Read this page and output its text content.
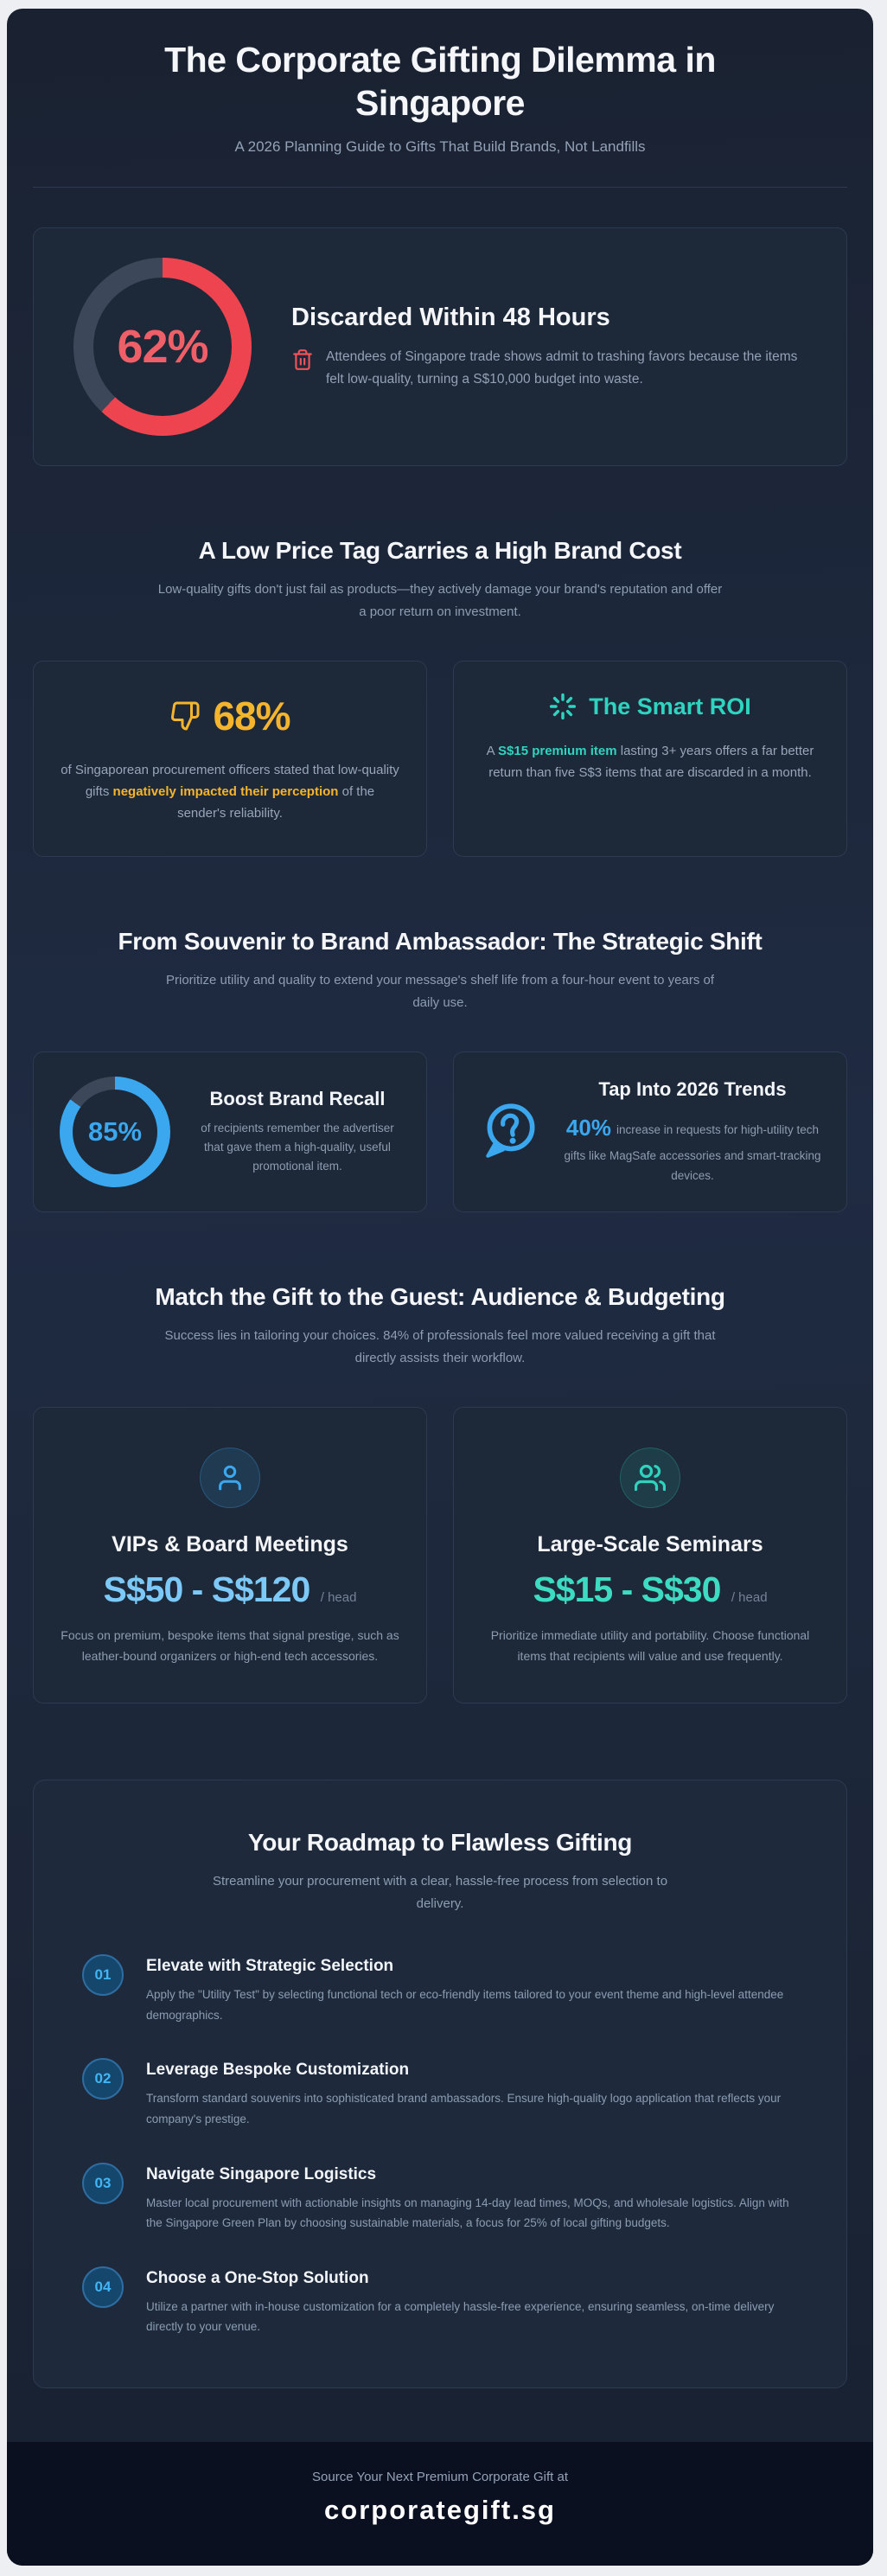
The Corporate Gifting Dilemma in Singapore

A 2026 Planning Guide to Gifts That Build Brands, Not Landfills

62%
Discarded Within 48 Hours

Attendees of Singapore trade shows admit to trashing favors because the items felt low-quality, turning a S$10,000 budget into waste.

A Low Price Tag Carries a High Brand Cost

Low-quality gifts don't just fail as products—they actively damage your brand's reputation and offer a poor return on investment.

68%

of Singaporean procurement officers stated that low-quality gifts negatively impacted their perception of the sender's reliability.

The Smart ROI

A S$15 premium item lasting 3+ years offers a far better return than five S$3 items that are discarded in a month.

From Souvenir to Brand Ambassador: The Strategic Shift

Prioritize utility and quality to extend your message's shelf life from a four-hour event to years of daily use.

85%
Boost Brand Recall

of recipients remember the advertiser that gave them a high-quality, useful promotional item.

Tap Into 2026 Trends

40% increase in requests for high-utility tech gifts like MagSafe accessories and smart-tracking devices.

Match the Gift to the Guest: Audience & Budgeting

Success lies in tailoring your choices. 84% of professionals feel more valued receiving a gift that directly assists their workflow.

VIPs & Board Meetings
S$50 - S$120 / head

Focus on premium, bespoke items that signal prestige, such as leather-bound organizers or high-end tech accessories.

Large-Scale Seminars
S$15 - S$30 / head

Prioritize immediate utility and portability. Choose functional items that recipients will value and use frequently.

Your Roadmap to Flawless Gifting

Streamline your procurement with a clear, hassle-free process from selection to delivery.

01	Elevate with Strategic Selection

Apply the "Utility Test" by selecting functional tech or eco-friendly items tailored to your event theme and high-level attendee demographics.

02	Leverage Bespoke Customization

Transform standard souvenirs into sophisticated brand ambassadors. Ensure high-quality logo application that reflects your company's prestige.

03	Navigate Singapore Logistics

Master local procurement with actionable insights on managing 14-day lead times, MOQs, and wholesale logistics. Align with the Singapore Green Plan by choosing sustainable materials, a focus for 25% of local gifting budgets.

04	Choose a One-Stop Solution

Utilize a partner with in-house customization for a completely hassle-free experience, ensuring seamless, on-time delivery directly to your venue.

Source Your Next Premium Corporate Gift at

corporategift.sg
